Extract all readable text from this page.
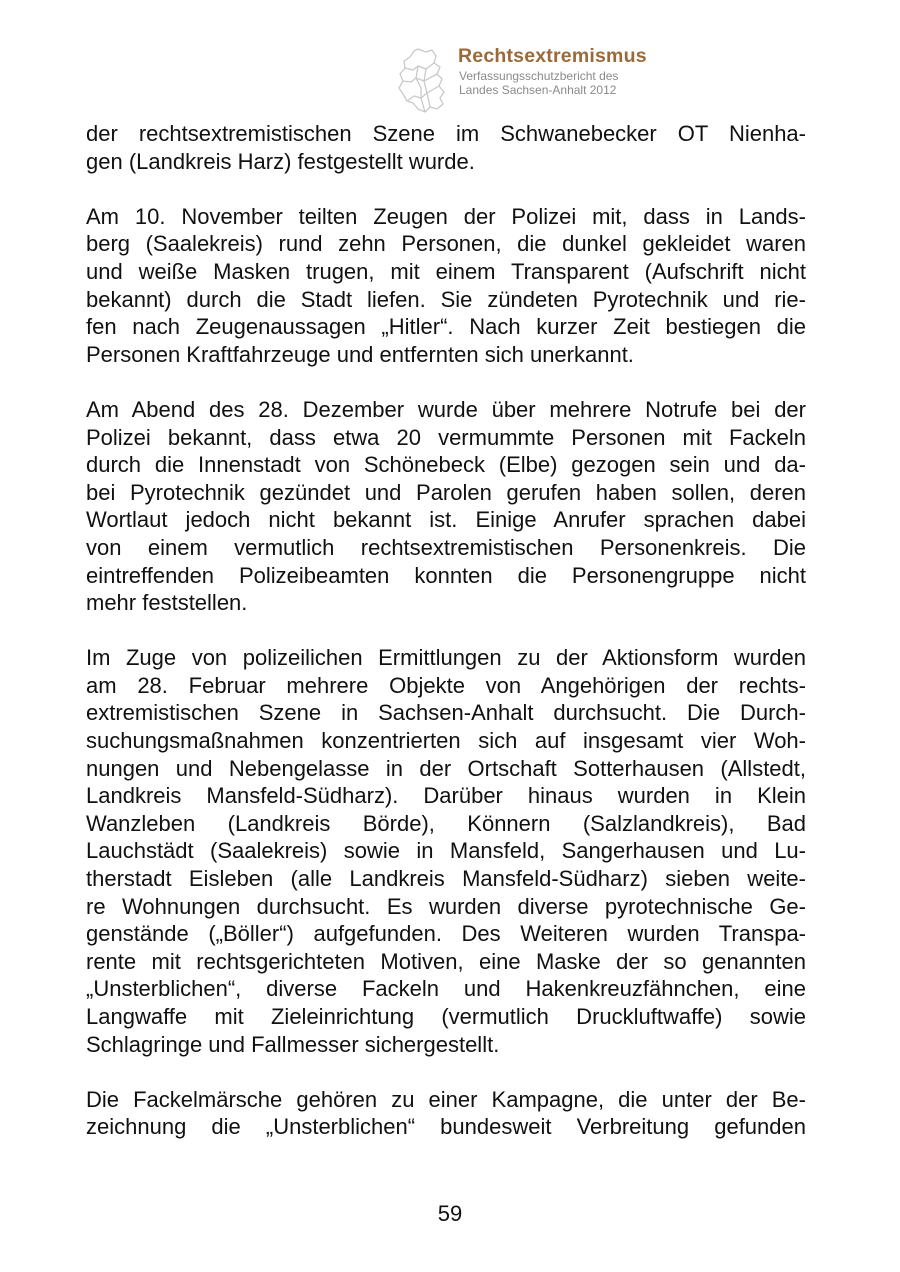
Rechtsextremismus
Verfassungsschutzbericht des
Landes Sachsen-Anhalt 2012

der rechtsextremistischen Szene im Schwanebecker OT Nienha-
gen (Landkreis Harz) festgestellt wurde.

Am 10. November teilten Zeugen der Polizei mit, dass in Lands-
berg (Saalekreis) rund zehn Personen, die dunkel gekleidet waren
und weiße Masken trugen, mit einem Transparent (Aufschrift nicht
bekannt) durch die Stadt liefen. Sie zündeten Pyrotechnik und rie-
fen nach Zeugenaussagen „Hitler“. Nach kurzer Zeit bestiegen die
Personen Kraftfahrzeuge und entfernten sich unerkannt.

Am Abend des 28. Dezember wurde über mehrere Notrufe bei der
Polizei bekannt, dass etwa 20 vermummte Personen mit Fackeln
durch die Innenstadt von Schönebeck (Elbe) gezogen sein und da-
bei Pyrotechnik gezündet und Parolen gerufen haben sollen, deren
Wortlaut jedoch nicht bekannt ist. Einige Anrufer sprachen dabei
von einem vermutlich rechtsextremistischen Personenkreis. Die
eintreffenden Polizeibeamten konnten die Personengruppe nicht
mehr feststellen.

Im Zuge von polizeilichen Ermittlungen zu der Aktionsform wurden
am 28. Februar mehrere Objekte von Angehörigen der rechts-
extremistischen Szene in Sachsen-Anhalt durchsucht. Die Durch-
suchungsmaßnahmen konzentrierten sich auf insgesamt vier Woh-
nungen und Nebengelasse in der Ortschaft Sotterhausen (Allstedt,
Landkreis Mansfeld-Südharz). Darüber hinaus wurden in Klein
Wanzleben (Landkreis Börde), Könnern (Salzlandkreis), Bad
Lauchstädt (Saalekreis) sowie in Mansfeld, Sangerhausen und Lu-
therstadt Eisleben (alle Landkreis Mansfeld-Südharz) sieben weite-
re Wohnungen durchsucht. Es wurden diverse pyrotechnische Ge-
genstände („Böller“) aufgefunden. Des Weiteren wurden Transpa-
rente mit rechtsgerichteten Motiven, eine Maske der so genannten
„Unsterblichen“, diverse Fackeln und Hakenkreuzfähnchen, eine
Langwaffe mit Zieleinrichtung (vermutlich Druckluftwaffe) sowie
Schlagringe und Fallmesser sichergestellt.

Die Fackelmärsche gehören zu einer Kampagne, die unter der Be-
zeichnung die „Unsterblichen“ bundesweit Verbreitung gefunden

59
